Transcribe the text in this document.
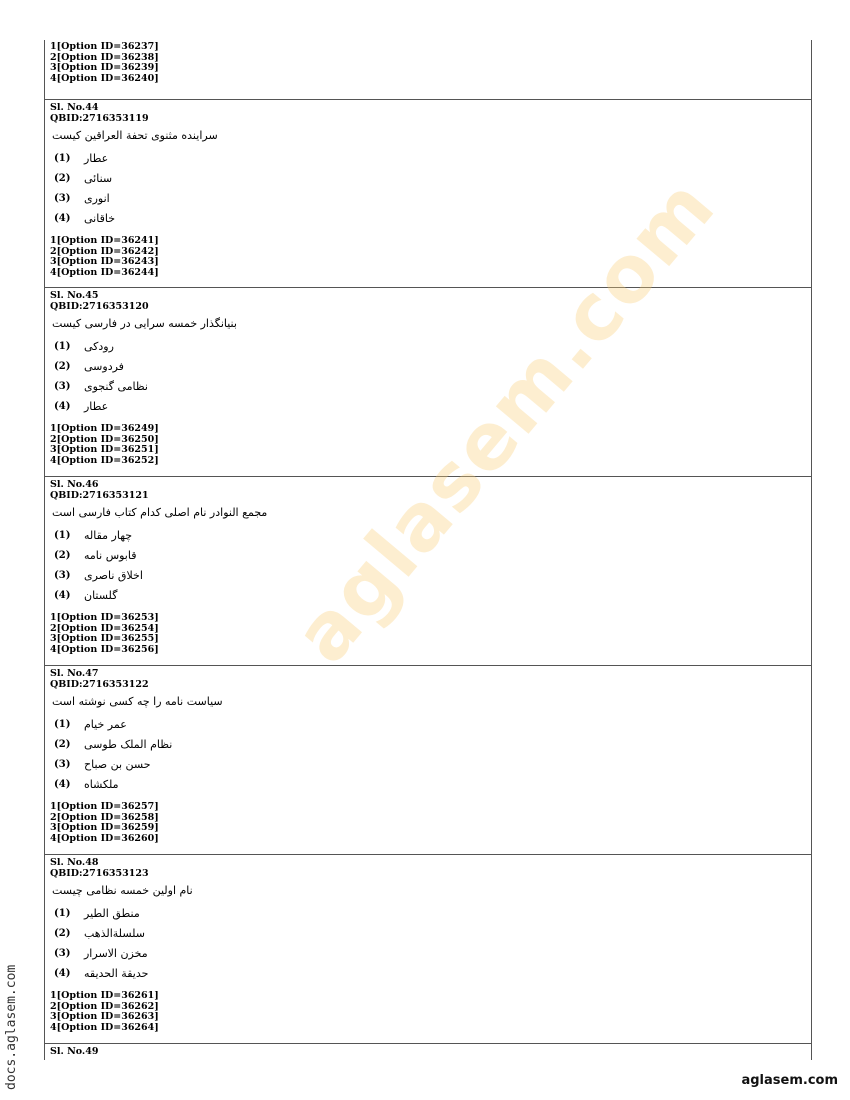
1[Option ID=36237]
2[Option ID=36238]
3[Option ID=36239]
4[Option ID=36240]
Sl. No.44
QBID:2716353119
سراینده مثنوی تحفة العراقین کیست
(1)	عطار
(2)	سنائی
(3)	انوری
(4)	خاقانی
1[Option ID=36241]
2[Option ID=36242]
3[Option ID=36243]
4[Option ID=36244]
Sl. No.45
QBID:2716353120
بنیانگذار خمسه سرایی در فارسی کیست
(1)	رودکی
(2)	فردوسی
(3)	نظامی گنجوی
(4)	عطار
1[Option ID=36249]
2[Option ID=36250]
3[Option ID=36251]
4[Option ID=36252]
Sl. No.46
QBID:2716353121
مجمع النوادر نام اصلی کدام کتاب فارسی است
(1)	چهار مقاله
(2)	قابوس نامه
(3)	اخلاق ناصری
(4)	گلستان
1[Option ID=36253]
2[Option ID=36254]
3[Option ID=36255]
4[Option ID=36256]
Sl. No.47
QBID:2716353122
سیاست نامه را چه کسی نوشته است
(1)	عمر خیام
(2)	نظام الملک طوسی
(3)	حسن بن صباح
(4)	ملکشاه
1[Option ID=36257]
2[Option ID=36258]
3[Option ID=36259]
4[Option ID=36260]
Sl. No.48
QBID:2716353123
نام اولین خمسه نظامی چیست
(1)	منطق الطیر
(2)	سلسلةالذهب
(3)	مخزن الاسرار
(4)	حدیقة الحدیقه
1[Option ID=36261]
2[Option ID=36262]
3[Option ID=36263]
4[Option ID=36264]
Sl. No.49
aglasem.com
docs.aglasem.com	aglasem.com
